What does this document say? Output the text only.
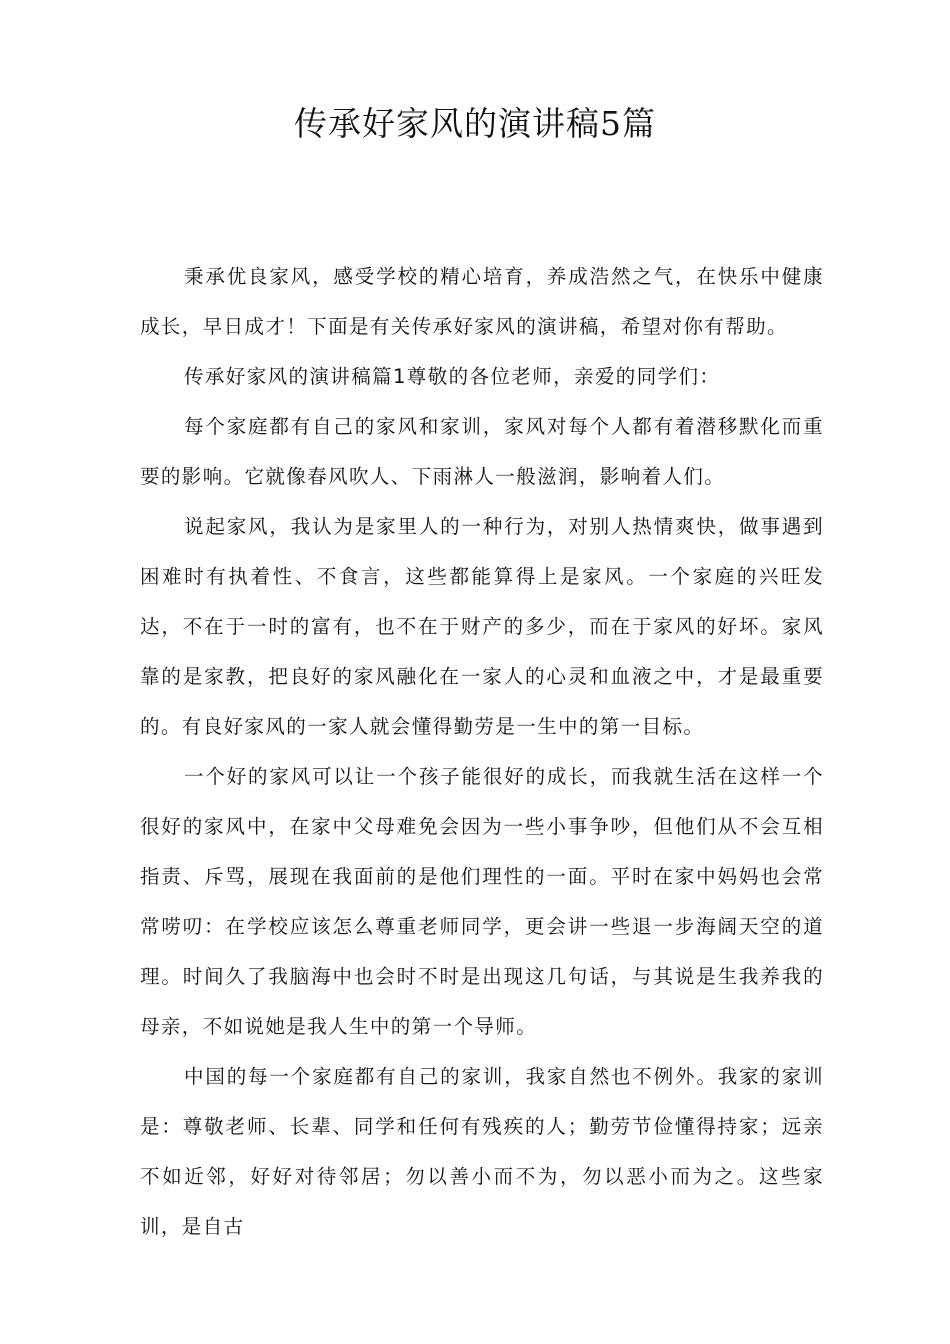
传承好家风的演讲稿5篇

秉承优良家风，感受学校的精心培育，养成浩然之气，在快乐中健康成长，早日成才！下面是有关传承好家风的演讲稿，希望对你有帮助。

传承好家风的演讲稿篇1尊敬的各位老师，亲爱的同学们：

每个家庭都有自己的家风和家训，家风对每个人都有着潜移默化而重要的影响。它就像春风吹人、下雨淋人一般滋润，影响着人们。

说起家风，我认为是家里人的一种行为，对别人热情爽快，做事遇到困难时有执着性、不食言，这些都能算得上是家风。一个家庭的兴旺发达，不在于一时的富有，也不在于财产的多少，而在于家风的好坏。家风靠的是家教，把良好的家风融化在一家人的心灵和血液之中，才是最重要的。有良好家风的一家人就会懂得勤劳是一生中的第一目标。

一个好的家风可以让一个孩子能很好的成长，而我就生活在这样一个很好的家风中，在家中父母难免会因为一些小事争吵，但他们从不会互相指责、斥骂，展现在我面前的是他们理性的一面。平时在家中妈妈也会常常唠叨：在学校应该怎么尊重老师同学，更会讲一些退一步海阔天空的道理。时间久了我脑海中也会时不时是出现这几句话，与其说是生我养我的母亲，不如说她是我人生中的第一个导师。

中国的每一个家庭都有自己的家训，我家自然也不例外。我家的家训是：尊敬老师、长辈、同学和任何有残疾的人；勤劳节俭懂得持家；远亲不如近邻，好好对待邻居；勿以善小而不为，勿以恶小而为之。这些家训，是自古
